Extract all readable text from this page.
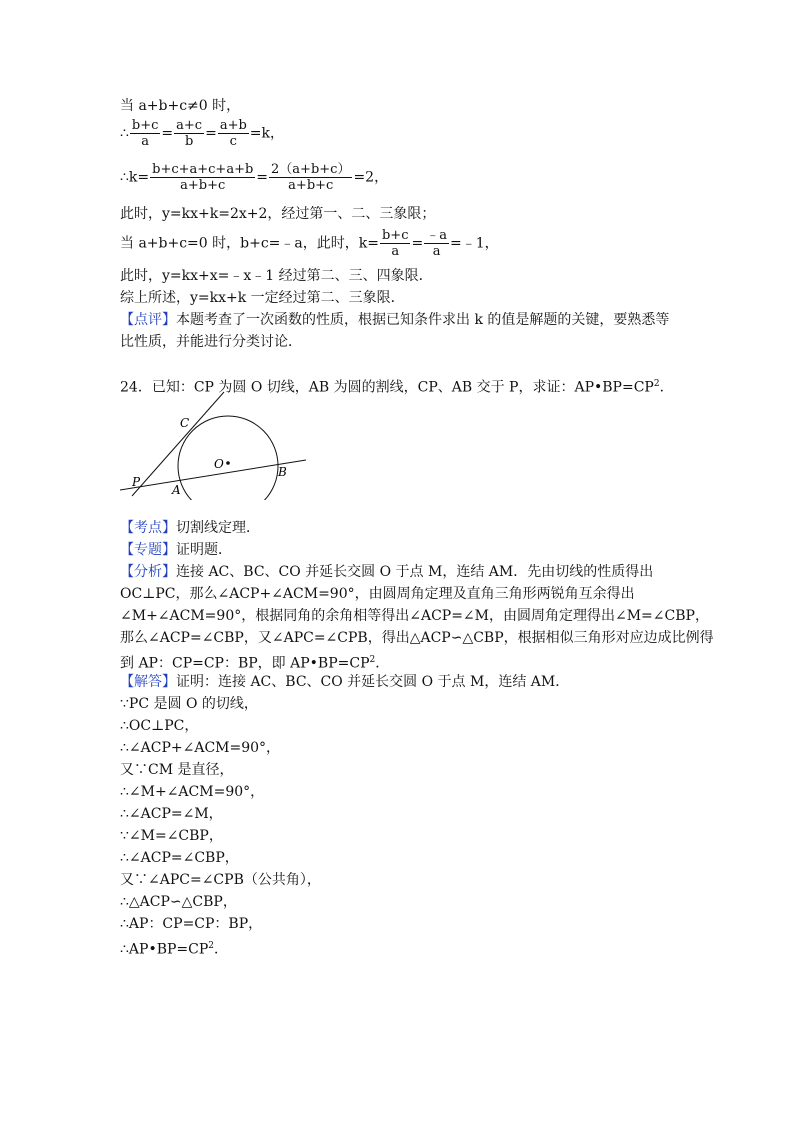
当 a+b+c≠0 时，
∴ $\frac{b+c}{a} = \frac{a+c}{b} = \frac{a+b}{c} =k$，
∴k= $\frac{b+c+a+c+a+b}{a+b+c} = \frac{2(a+b+c)}{a+b+c} =2$，
此时，y=kx+k=2x+2，经过第一、二、三象限；
当 a+b+c=0 时，b+c=﹣a，此时，$k= \frac{b+c}{a} = \frac{﹣a}{a}$ =﹣1，
此时，y=kx+x=﹣x﹣1 经过第二、三、四象限．
综上所述，y=kx+k 一定经过第二、三象限．
【点评】本题考查了一次函数的性质，根据已知条件求出 k 的值是解题的关键，要熟悉等
比性质，并能进行分类讨论．
24．已知：CP 为圆 O 切线，AB 为圆的割线，CP、AB 交于 P，求证：$AP•BP=CP^2$．
C
O
B
P
A
【考点】切割线定理．
【专题】证明题．
【分析】连接 AC、BC、CO 并延长交圆 O 于点 M，连结 AM．先由切线的性质得出
OC⊥PC，那么∠ACP+∠ACM=90°，由圆周角定理及直角三角形两锐角互余得出
∠M+∠ACM=90°，根据同角的余角相等得出∠ACP=∠M，由圆周角定理得出∠M=∠CBP，
那么∠ACP=∠CBP，又∠APC=∠CPB，得出△ACP∽△CBP，根据相似三角形对应边成比例得
到 AP：CP=CP：BP，即 $AP•BP=CP^2$．
【解答】证明：连接 AC、BC、CO 并延长交圆 O 于点 M，连结 AM．
∵PC 是圆 O 的切线，
∴OC⊥PC，
∴∠ACP+∠ACM=90°，
又∵CM 是直径，
∴∠M+∠ACM=90°，
∴∠ACP=∠M，
∵∠M=∠CBP，
∴∠ACP=∠CBP，
又∵∠APC=∠CPB（公共角），
∴△ACP∽△CBP，
∴AP：CP=CP：BP，
$\therefore AP•BP=CP^2$．
